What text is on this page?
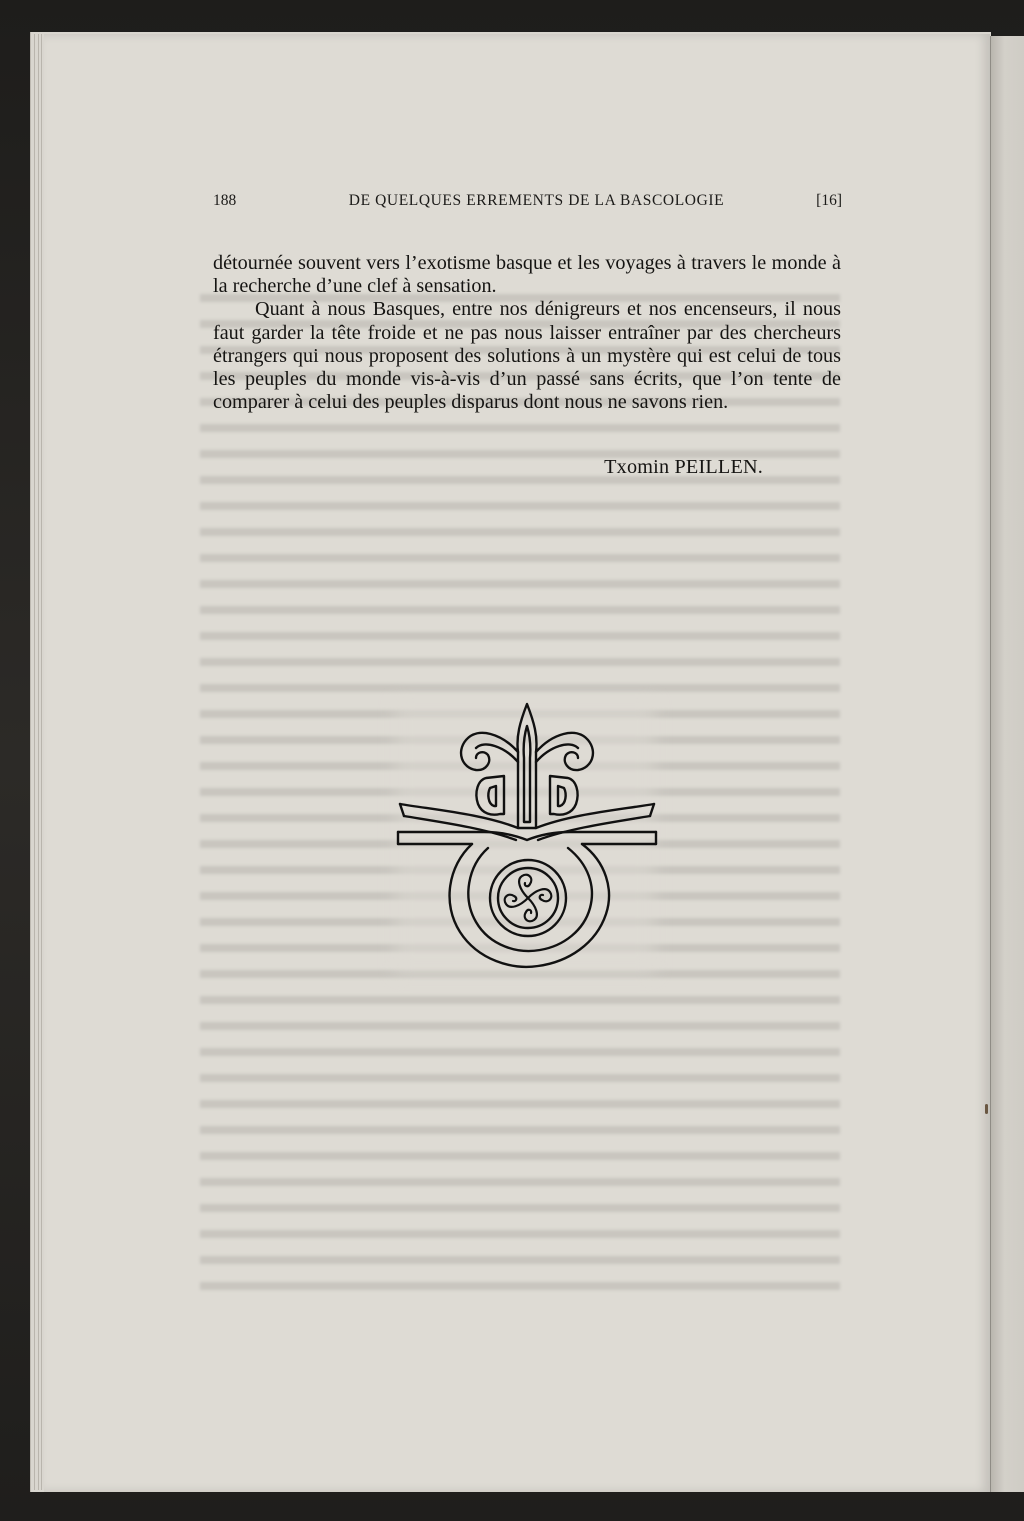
188	DE QUELQUES ERREMENTS DE LA BASCOLOGIE	[16]

détournée souvent vers l’exotisme basque et les voyages à travers le monde à la recherche d’une clef à sensation.

Quant à nous Basques, entre nos dénigreurs et nos encenseurs, il nous faut garder la tête froide et ne pas nous laisser entraîner par des chercheurs étrangers qui nous proposent des solutions à un mystère qui est celui de tous les peuples du monde vis-à-vis d’un passé sans écrits, que l’on tente de comparer à celui des peuples disparus dont nous ne savons rien.

Txomin PEILLEN.
